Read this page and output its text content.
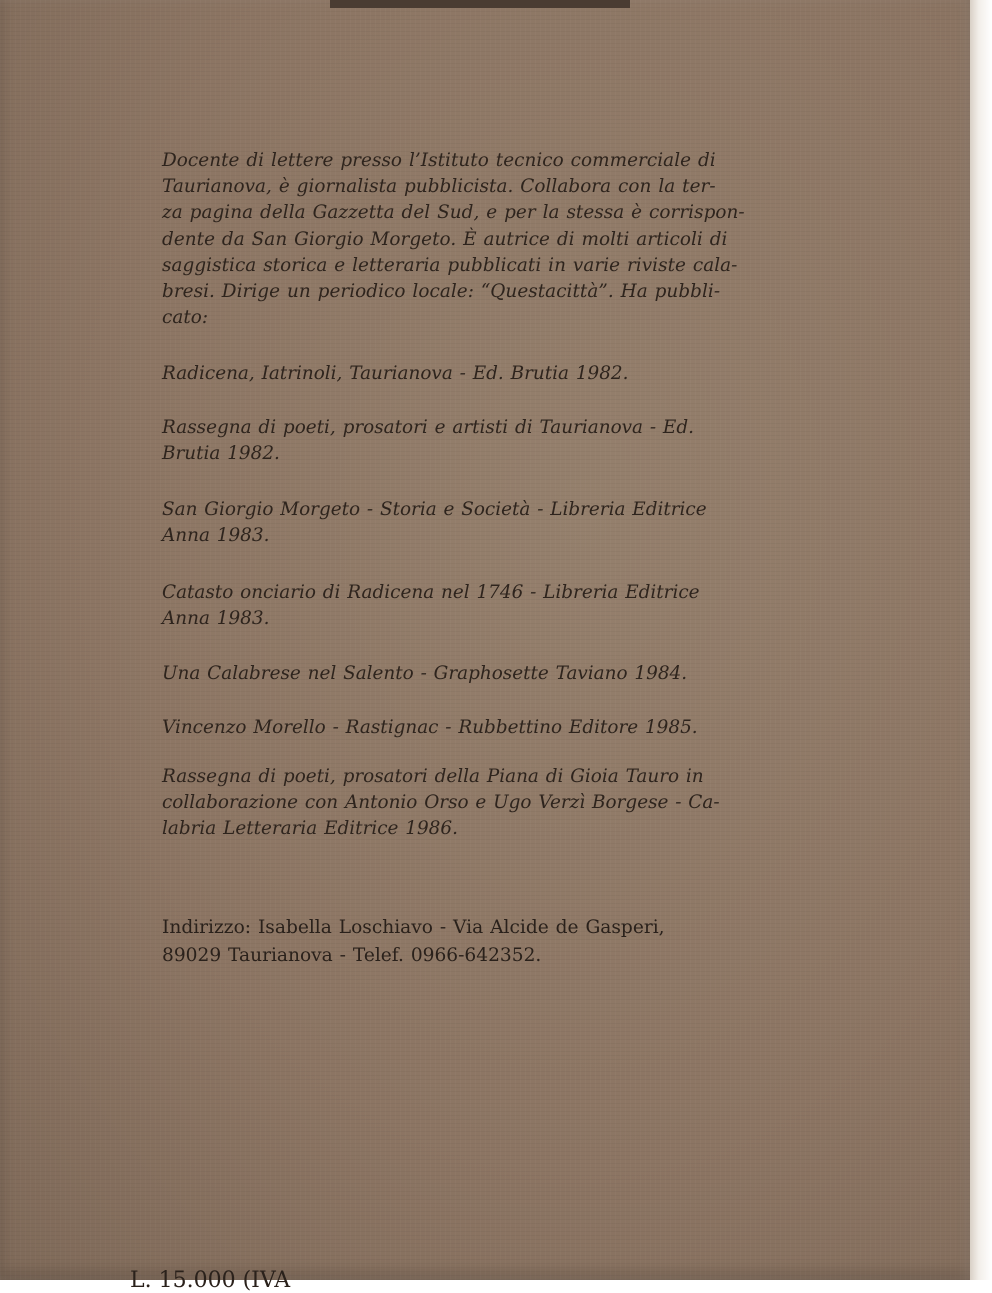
Docente di lettere presso l’Istituto tecnico commerciale di
Taurianova, è giornalista pubblicista. Collabora con la ter-
za pagina della Gazzetta del Sud, e per la stessa è corrispon-
dente da San Giorgio Morgeto. È autrice di molti articoli di
saggistica storica e letteraria pubblicati in varie riviste cala-
bresi. Dirige un periodico locale: “Questacittà”. Ha pubbli-
cato:

Radicena, Iatrinoli, Taurianova - Ed. Brutia 1982.

Rassegna di poeti, prosatori e artisti di Taurianova - Ed.
Brutia 1982.

San Giorgio Morgeto - Storia e Società - Libreria Editrice
Anna 1983.

Catasto onciario di Radicena nel 1746 - Libreria Editrice
Anna 1983.

Una Calabrese nel Salento - Graphosette Taviano 1984.

Vincenzo Morello - Rastignac - Rubbettino Editore 1985.

Rassegna di poeti, prosatori della Piana di Gioia Tauro in
collaborazione con Antonio Orso e Ugo Verzì Borgese - Ca-
labria Letteraria Editrice 1986.

Indirizzo: Isabella Loschiavo - Via Alcide de Gasperi,
89029 Taurianova - Telef. 0966-642352.

L. 15.000 (IVA
